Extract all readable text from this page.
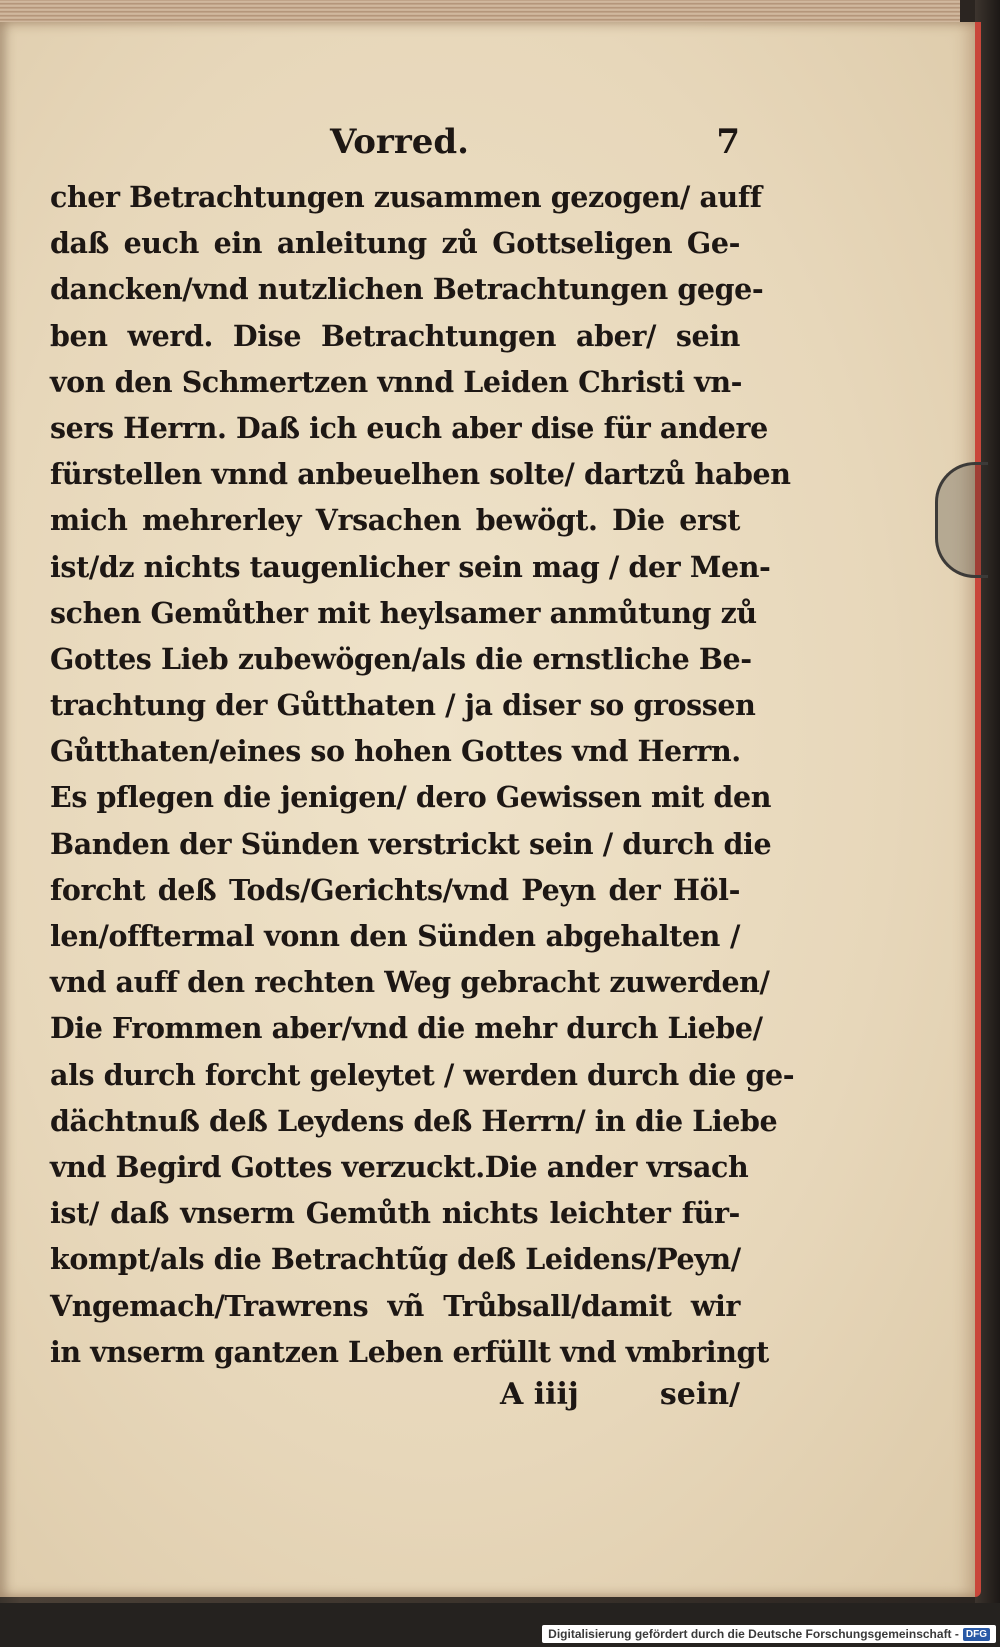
Vorred.	7
cher Betrachtungen zusammen gezogen/ auff
daß euch ein anleitung zů Gottseligen Ge-
dancken/vnd nutzlichen Betrachtungen gege-
ben werd. Dise Betrachtungen aber/ sein
von den Schmertzen vnnd Leiden Christi vn-
sers Herrn. Daß ich euch aber dise für andere
fürstellen vnnd anbeuelhen solte/ dartzů haben
mich mehrerley Vrsachen bewögt. Die erst
ist/dz nichts taugenlicher sein mag / der Men-
schen Gemůther mit heylsamer anmůtung zů
Gottes Lieb zubewögen/als die ernstliche Be-
trachtung der Gůtthaten / ja diser so grossen
Gůtthaten/eines so hohen Gottes vnd Herrn.
Es pflegen die jenigen/ dero Gewissen mit den
Banden der Sünden verstrickt sein / durch die
forcht deß Tods/Gerichts/vnd Peyn der Höl-
len/offtermal vonn den Sünden abgehalten /
vnd auff den rechten Weg gebracht zuwerden/
Die Frommen aber/vnd die mehr durch Liebe/
als durch forcht geleytet / werden durch die ge-
dächtnuß deß Leydens deß Herrn/ in die Liebe
vnd Begird Gottes verzuckt.Die ander vrsach
ist/ daß vnserm Gemůth nichts leichter für-
kompt/als die Betrachtũg deß Leidens/Peyn/
Vngemach/Trawrens vñ Trůbsall/damit wir
in vnserm gantzen Leben erfüllt vnd vmbringt
A iiij	sein/
Digitalisierung gefördert durch die Deutsche Forschungsgemeinschaft - DFG
